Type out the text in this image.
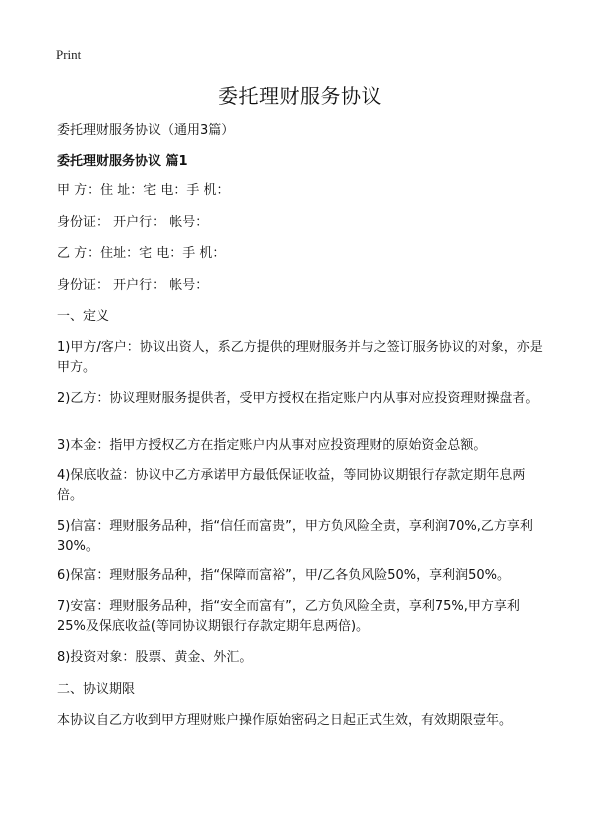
Print
委托理财服务协议

委托理财服务协议（通用3篇）

委托理财服务协议 篇1

甲 方：住 址：宅 电：手 机：

身份证： 开户行： 帐号：

乙 方：住址：宅 电：手 机：

身份证： 开户行： 帐号：

一、定义

1)甲方/客户：协议出资人，系乙方提供的理财服务并与之签订服务协议的对象，亦是甲方。

2)乙方：协议理财服务提供者，受甲方授权在指定账户内从事对应投资理财操盘者。

3)本金：指甲方授权乙方在指定账户内从事对应投资理财的原始资金总额。

4)保底收益：协议中乙方承诺甲方最低保证收益，等同协议期银行存款定期年息两倍。

5)信富：理财服务品种，指“信任而富贵”，甲方负风险全责，享利润70%,乙方享利30%。

6)保富：理财服务品种，指“保障而富裕”，甲/乙各负风险50%，享利润50%。

7)安富：理财服务品种，指“安全而富有”，乙方负风险全责，享利75%,甲方享利25%及保底收益(等同协议期银行存款定期年息两倍)。

8)投资对象：股票、黄金、外汇。

二、协议期限

本协议自乙方收到甲方理财账户操作原始密码之日起正式生效，有效期限壹年。
